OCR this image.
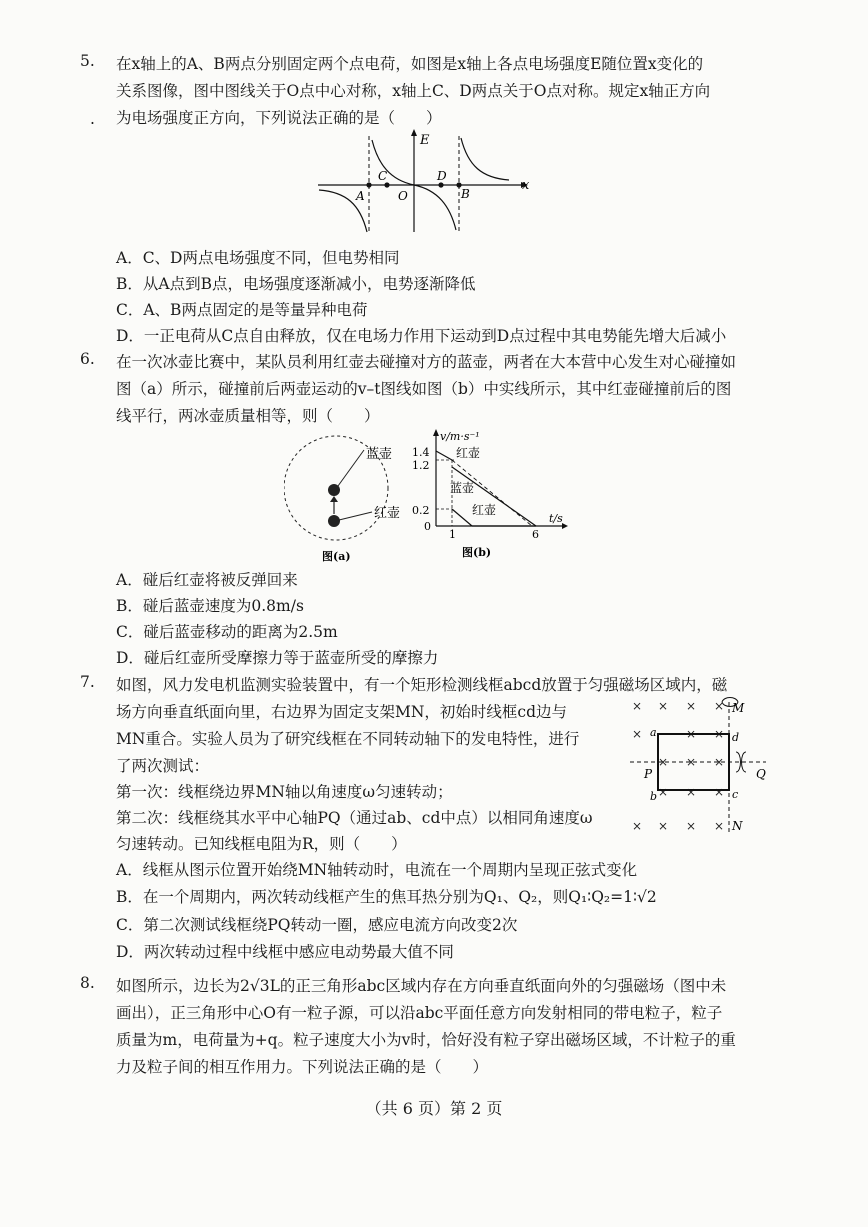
5. 在x轴上的A、B两点分别固定两个点电荷，如图是x轴上各点电场强度E随位置x变化的
关系图像，图中图线关于O点中心对称，x轴上C、D两点关于O点对称。规定x轴正方向
为电场强度正方向，下列说法正确的是（　　）
.
E
x
A
C
O
D
B
A．C、D两点电场强度不同，但电势相同
B．从A点到B点，电场强度逐渐减小，电势逐渐降低
C．A、B两点固定的是等量异种电荷
D．一正电荷从C点自由释放，仅在电场力作用下运动到D点过程中其电势能先增大后减小
6. 在一次冰壶比赛中，某队员利用红壶去碰撞对方的蓝壶，两者在大本营中心发生对心碰撞如
图（a）所示，碰撞前后两壶运动的v–t图线如图（b）中实线所示，其中红壶碰撞前后的图
线平行，两冰壶质量相等，则（　　）
蓝壶
红壶
图(a)
v/m·s⁻¹
t/s
1.4
1.2
0.2
0
1	6
红壶
蓝壶
红壶
图(b)
A．碰后红壶将被反弹回来
B．碰后蓝壶速度为0.8m/s
C．碰后蓝壶移动的距离为2.5m
D．碰后红壶所受摩擦力等于蓝壶所受的摩擦力
7. 如图，风力发电机监测实验装置中，有一个矩形检测线框abcd放置于匀强磁场区域内，磁
场方向垂直纸面向里，右边界为固定支架MN，初始时线框cd边与
MN重合。实验人员为了研究线框在不同转动轴下的发电特性，进行
了两次测试：
第一次：线框绕边界MN轴以角速度ω匀速转动；
第二次：线框绕其水平中心轴PQ（通过ab、cd中点）以相同角速度ω
匀速转动。已知线框电阻为R，则（　　）
× × × ×
×	× ×
× × ×
× × ×
× × × ×
M
N
P	Q
a
b	c
d
A．线框从图示位置开始绕MN轴转动时，电流在一个周期内呈现正弦式变化
B．在一个周期内，两次转动线框产生的焦耳热分别为Q₁、Q₂，则Q₁∶Q₂=1∶√2
C．第二次测试线框绕PQ转动一圈，感应电流方向改变2次
D．两次转动过程中线框中感应电动势最大值不同
8. 如图所示，边长为2√3L的正三角形abc区域内存在方向垂直纸面向外的匀强磁场（图中未
画出），正三角形中心O有一粒子源，可以沿abc平面任意方向发射相同的带电粒子，粒子
质量为m，电荷量为+q。粒子速度大小为v时，恰好没有粒子穿出磁场区域，不计粒子的重
力及粒子间的相互作用力。下列说法正确的是（　　）
（共 6 页）第 2 页
